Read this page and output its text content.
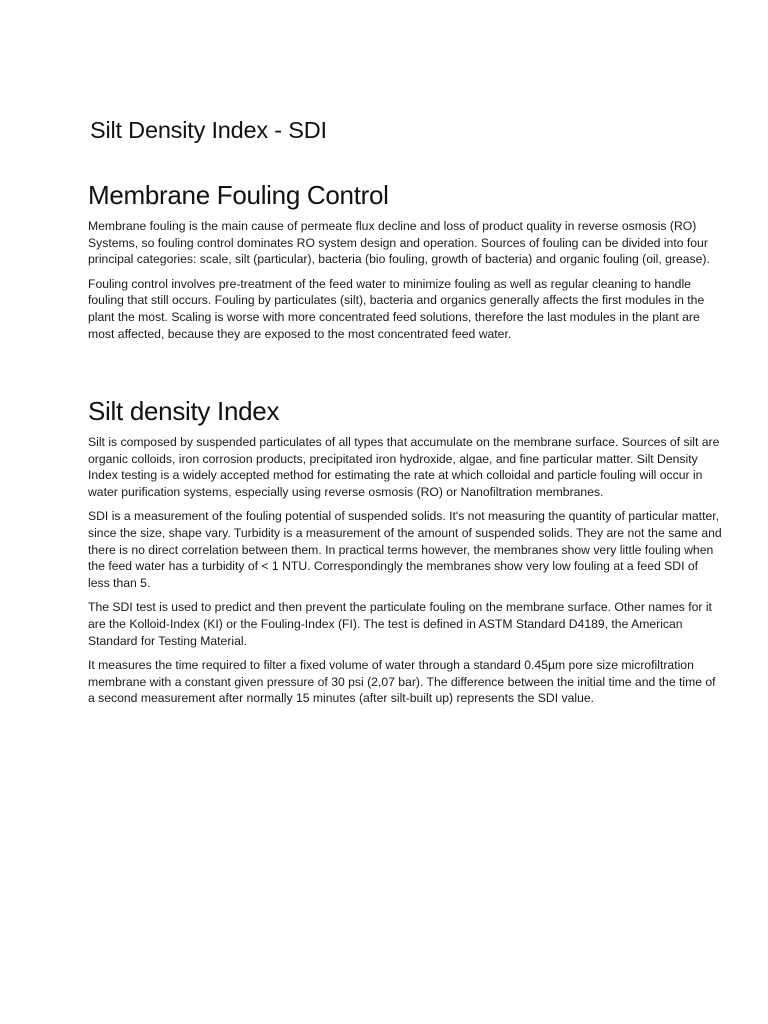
Silt Density Index - SDI
Membrane Fouling Control

Membrane fouling is the main cause of permeate flux decline and loss of product quality in reverse osmosis (RO) Systems, so fouling control dominates RO system design and operation. Sources of fouling can be divided into four principal categories: scale, silt (particular), bacteria (bio fouling, growth of bacteria) and organic fouling (oil, grease).

Fouling control involves pre-treatment of the feed water to minimize fouling as well as regular cleaning to handle fouling that still occurs. Fouling by particulates (silt), bacteria and organics generally affects the first modules in the plant the most. Scaling is worse with more concentrated feed solutions, therefore the last modules in the plant are most affected, because they are exposed to the most concentrated feed water.

Silt density Index

Silt is composed by suspended particulates of all types that accumulate on the membrane surface. Sources of silt are organic colloids, iron corrosion products, precipitated iron hydroxide, algae, and fine particular matter. Silt Density Index testing is a widely accepted method for estimating the rate at which colloidal and particle fouling will occur in water purification systems, especially using reverse osmosis (RO) or Nanofiltration membranes.

SDI is a measurement of the fouling potential of suspended solids. It's not measuring the quantity of particular matter, since the size, shape vary. Turbidity is a measurement of the amount of suspended solids. They are not the same and there is no direct correlation between them. In practical terms however, the membranes show very little fouling when the feed water has a turbidity of < 1 NTU. Correspondingly the membranes show very low fouling at a feed SDI of less than 5.

The SDI test is used to predict and then prevent the particulate fouling on the membrane surface. Other names for it are the Kolloid-Index (KI) or the Fouling-Index (FI). The test is defined in ASTM Standard D4189, the American Standard for Testing Material.

It measures the time required to filter a fixed volume of water through a standard 0.45µm pore size microfiltration membrane with a constant given pressure of 30 psi (2,07 bar). The difference between the initial time and the time of a second measurement after normally 15 minutes (after silt-built up) represents the SDI value.
